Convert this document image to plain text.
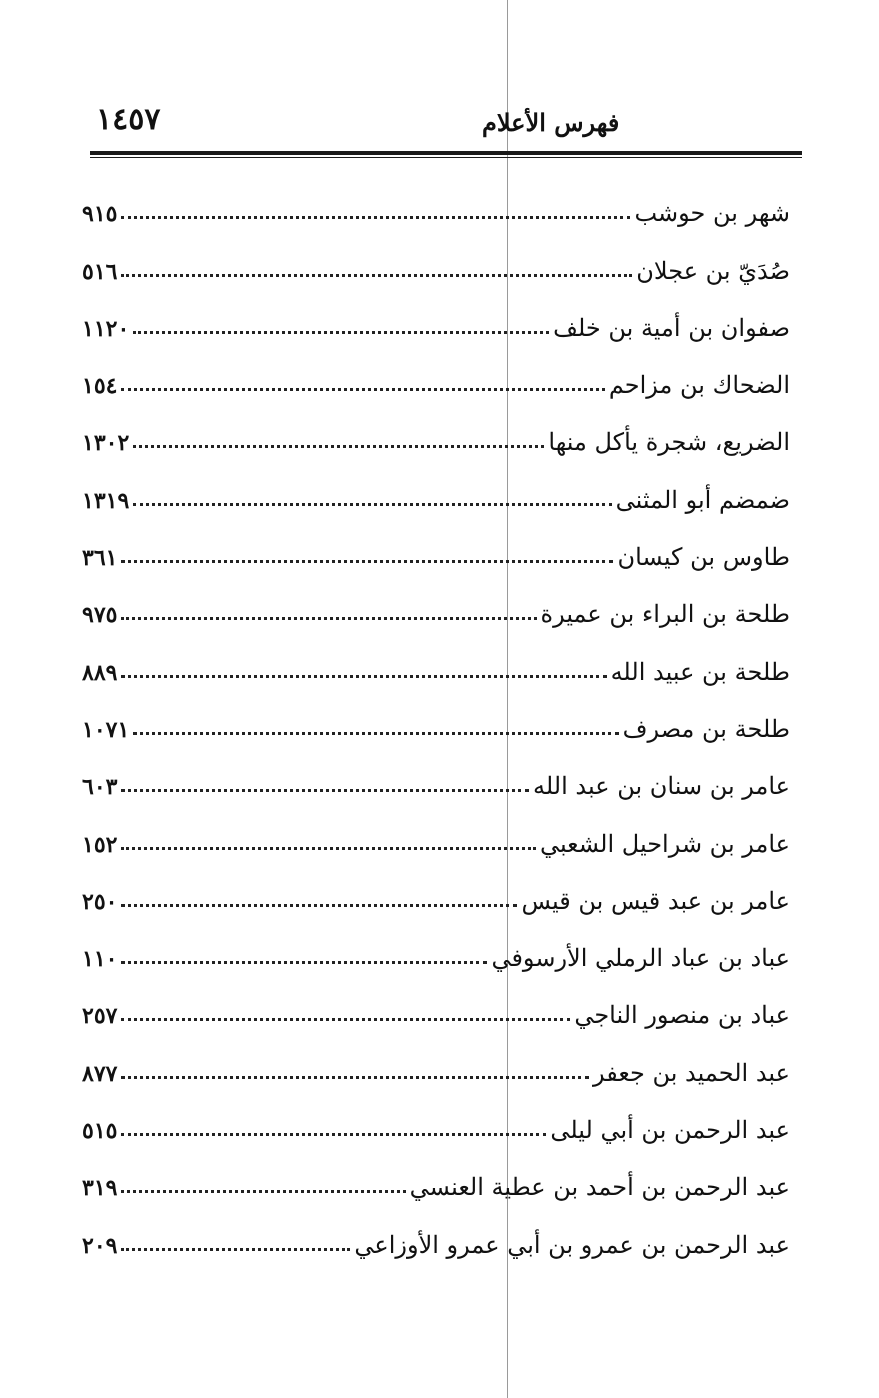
١٤٥٧	فهرس الأعلام
شهر بن حوشب
٩١٥
صُدَيّ بن عجلان
٥١٦
صفوان بن أمية بن خلف
١١٢٠
الضحاك بن مزاحم
١٥٤
الضريع، شجرة يأكل منها
١٣٠٢
ضمضم أبو المثنى
١٣١٩
طاوس بن كيسان
٣٦١
طلحة بن البراء بن عميرة
٩٧٥
طلحة بن عبيد الله
٨٨٩
طلحة بن مصرف
١٠٧١
عامر بن سنان بن عبد الله
٦٠٣
عامر بن شراحيل الشعبي
١٥٢
عامر بن عبد قيس بن قيس
٢٥٠
عباد بن عباد الرملي الأرسوفي
١١٠
عباد بن منصور الناجي
٢٥٧
عبد الحميد بن جعفر
٨٧٧
عبد الرحمن بن أبي ليلى
٥١٥
عبد الرحمن بن أحمد بن عطية العنسي
٣١٩
عبد الرحمن بن عمرو بن أبي عمرو الأوزاعي
٢٠٩
